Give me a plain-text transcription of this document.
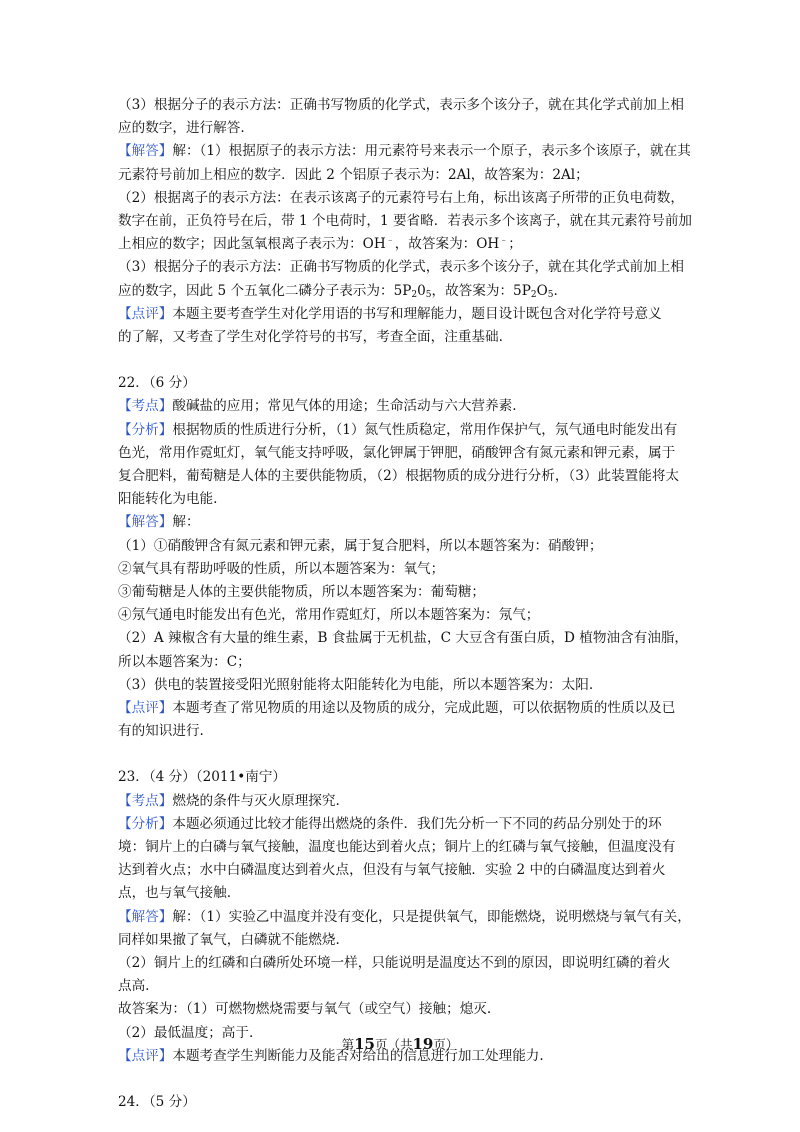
（3）根据分子的表示方法：正确书写物质的化学式，表示多个该分子，就在其化学式前加上相
应的数字，进行解答.
【解答】解：（1）根据原子的表示方法：用元素符号来表示一个原子，表示多个该原子，就在其
元素符号前加上相应的数字．因此 2 个铝原子表示为：2Al，故答案为：2Al；
（2）根据离子的表示方法：在表示该离子的元素符号右上角，标出该离子所带的正负电荷数，
数字在前，正负符号在后，带 1 个电荷时，1 要省略．若表示多个该离子，就在其元素符号前加
上相应的数字；因此氢氧根离子表示为：OH﹣，故答案为：OH﹣；
（3）根据分子的表示方法：正确书写物质的化学式，表示多个该分子，就在其化学式前加上相
应的数字，因此 5 个五氧化二磷分子表示为：$5P_20_5$，故答案为：$5P_2O_5$.
【点评】本题主要考查学生对化学用语的书写和理解能力，题目设计既包含对化学符号意义
的了解，又考查了学生对化学符号的书写，考查全面，注重基础.
22．（6 分）
【考点】酸碱盐的应用；常见气体的用途；生命活动与六大营养素.
【分析】根据物质的性质进行分析，（1）氮气性质稳定，常用作保护气，氖气通电时能发出有
色光，常用作霓虹灯，氧气能支持呼吸，氯化钾属于钾肥，硝酸钾含有氮元素和钾元素，属于
复合肥料，葡萄糖是人体的主要供能物质，（2）根据物质的成分进行分析，（3）此装置能将太
阳能转化为电能.
【解答】解：
（1）①硝酸钾含有氮元素和钾元素，属于复合肥料，所以本题答案为：硝酸钾；
②氧气具有帮助呼吸的性质，所以本题答案为：氧气；
③葡萄糖是人体的主要供能物质，所以本题答案为：葡萄糖；
④氖气通电时能发出有色光，常用作霓虹灯，所以本题答案为：氖气；
（2）A 辣椒含有大量的维生素，B 食盐属于无机盐，C 大豆含有蛋白质，D 植物油含有油脂，
所以本题答案为：C；
（3）供电的装置接受阳光照射能将太阳能转化为电能，所以本题答案为：太阳.
【点评】本题考查了常见物质的用途以及物质的成分，完成此题，可以依据物质的性质以及已
有的知识进行.
23．（4 分）（2011•南宁）
【考点】燃烧的条件与灭火原理探究.
【分析】本题必须通过比较才能得出燃烧的条件．我们先分析一下不同的药品分别处于的环
境：铜片上的白磷与氧气接触，温度也能达到着火点；铜片上的红磷与氧气接触，但温度没有
达到着火点；水中白磷温度达到着火点，但没有与氧气接触．实验 2 中的白磷温度达到着火
点，也与氧气接触.
【解答】解：（1）实验乙中温度并没有变化，只是提供氧气，即能燃烧，说明燃烧与氧气有关，
同样如果撤了氧气，白磷就不能燃烧.
（2）铜片上的红磷和白磷所处环境一样，只能说明是温度达不到的原因，即说明红磷的着火
点高.
故答案为：（1）可燃物燃烧需要与氧气（或空气）接触；熄灭.
（2）最低温度；高于.
【点评】本题考查学生判断能力及能否对给出的信息进行加工处理能力.
24．（5 分）
第15页（共19页）
